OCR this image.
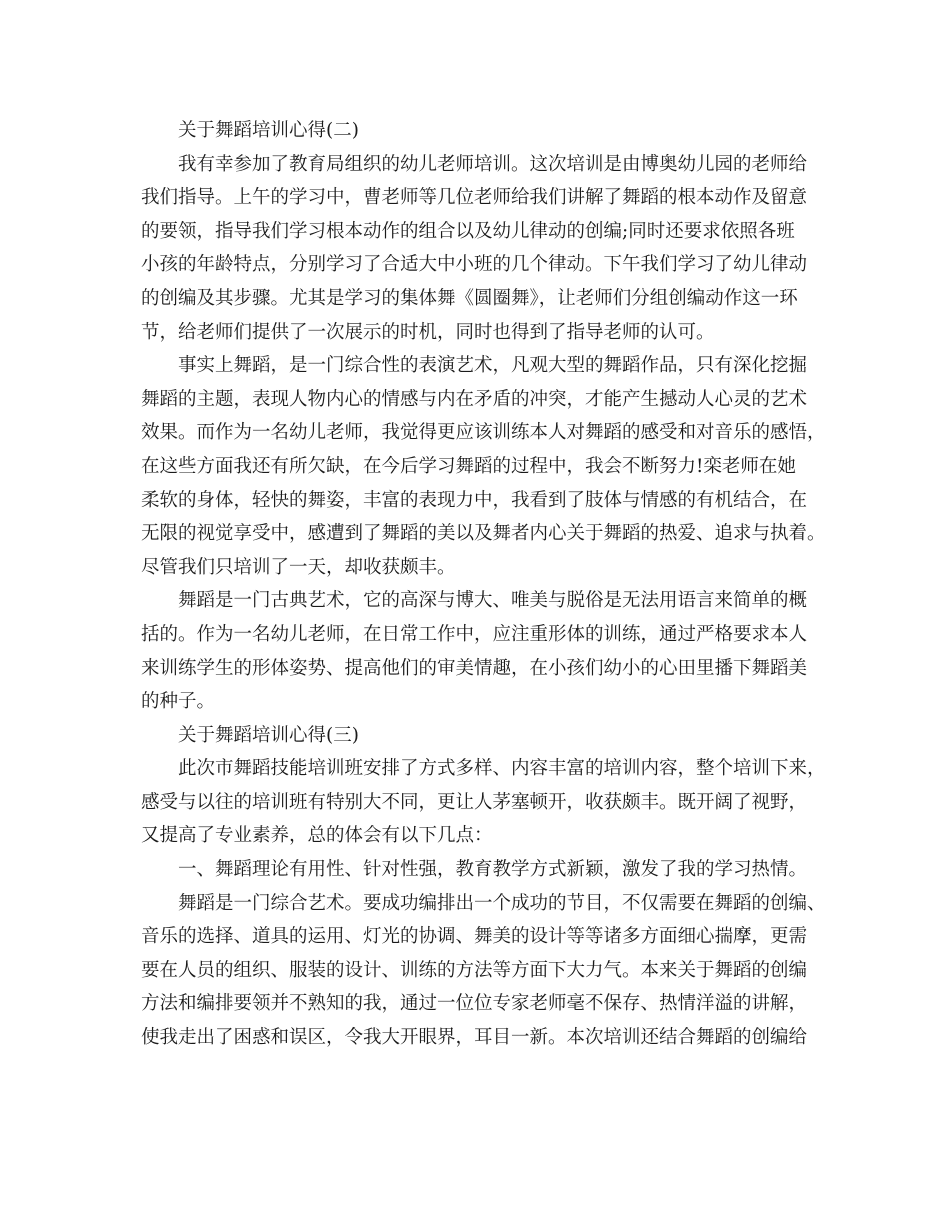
关于舞蹈培训心得(二)
我有幸参加了教育局组织的幼儿老师培训。这次培训是由博奥幼儿园的老师给
我们指导。上午的学习中，曹老师等几位老师给我们讲解了舞蹈的根本动作及留意
的要领，指导我们学习根本动作的组合以及幼儿律动的创编;同时还要求依照各班
小孩的年龄特点，分别学习了合适大中小班的几个律动。下午我们学习了幼儿律动
的创编及其步骤。尤其是学习的集体舞《圆圈舞》，让老师们分组创编动作这一环
节，给老师们提供了一次展示的时机，同时也得到了指导老师的认可。
事实上舞蹈，是一门综合性的表演艺术，凡观大型的舞蹈作品，只有深化挖掘
舞蹈的主题，表现人物内心的情感与内在矛盾的冲突，才能产生撼动人心灵的艺术
效果。而作为一名幼儿老师，我觉得更应该训练本人对舞蹈的感受和对音乐的感悟，
在这些方面我还有所欠缺，在今后学习舞蹈的过程中，我会不断努力!栾老师在她
柔软的身体，轻快的舞姿，丰富的表现力中，我看到了肢体与情感的有机结合，在
无限的视觉享受中，感遭到了舞蹈的美以及舞者内心关于舞蹈的热爱、追求与执着。
尽管我们只培训了一天，却收获颇丰。
舞蹈是一门古典艺术，它的高深与博大、唯美与脱俗是无法用语言来简单的概
括的。作为一名幼儿老师，在日常工作中，应注重形体的训练，通过严格要求本人
来训练学生的形体姿势、提高他们的审美情趣，在小孩们幼小的心田里播下舞蹈美
的种子。
关于舞蹈培训心得(三)
此次市舞蹈技能培训班安排了方式多样、内容丰富的培训内容，整个培训下来，
感受与以往的培训班有特别大不同，更让人茅塞顿开，收获颇丰。既开阔了视野，
又提高了专业素养，总的体会有以下几点：
一、舞蹈理论有用性、针对性强，教育教学方式新颖，激发了我的学习热情。
舞蹈是一门综合艺术。要成功编排出一个成功的节目，不仅需要在舞蹈的创编、
音乐的选择、道具的运用、灯光的协调、舞美的设计等等诸多方面细心揣摩，更需
要在人员的组织、服装的设计、训练的方法等方面下大力气。本来关于舞蹈的创编
方法和编排要领并不熟知的我，通过一位位专家老师毫不保存、热情洋溢的讲解，
使我走出了困惑和误区，令我大开眼界，耳目一新。本次培训还结合舞蹈的创编给
